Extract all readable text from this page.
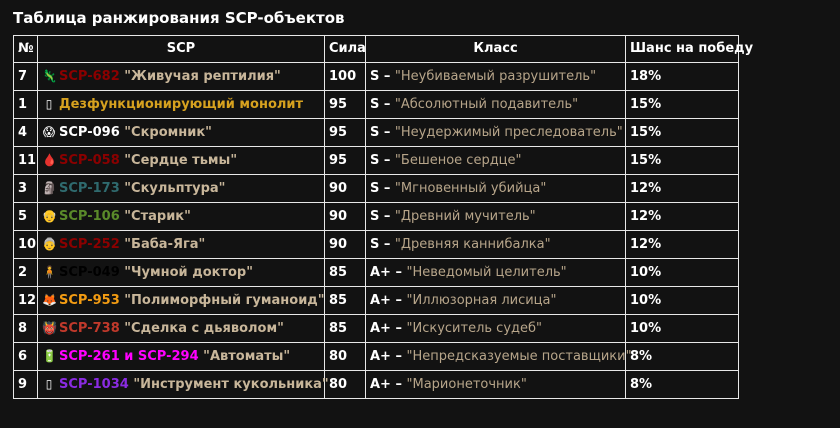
Таблица ранжирования SCP-объектов
№	SCP	Сила	Класс	Шанс на победу
7	🦎 SCP-682 "Живучая рептилия"	100	S – "Неубиваемый разрушитель"	18%
1	▯ Дезфункционирующий монолит	95	S – "Абсолютный подавитель"	15%
4	😱 SCP-096 "Скромник"	95	S – "Неудержимый преследователь"	15%
11	🩸 SCP-058 "Сердце тьмы"	95	S – "Бешеное сердце"	15%
3	🗿 SCP-173 "Скульптура"	90	S – "Мгновенный убийца"	12%
5	👴 SCP-106 "Старик"	90	S – "Древний мучитель"	12%
10	👵 SCP-252 "Баба-Яга"	90	S – "Древняя каннибалка"	12%
2	🧍 SCP-049 "Чумной доктор"	85	A+ – "Неведомый целитель"	10%
12	🦊 SCP-953 "Полиморфный гуманоид"	85	A+ – "Иллюзорная лисица"	10%
8	👹 SCP-738 "Сделка с дьяволом"	85	A+ – "Искуситель судеб"	10%
6	🔋 SCP-261 и SCP-294 "Автоматы"	80	A+ – "Непредсказуемые поставщики"	8%
9	▯ SCP-1034 "Инструмент кукольника"	80	A+ – "Марионеточник"	8%
